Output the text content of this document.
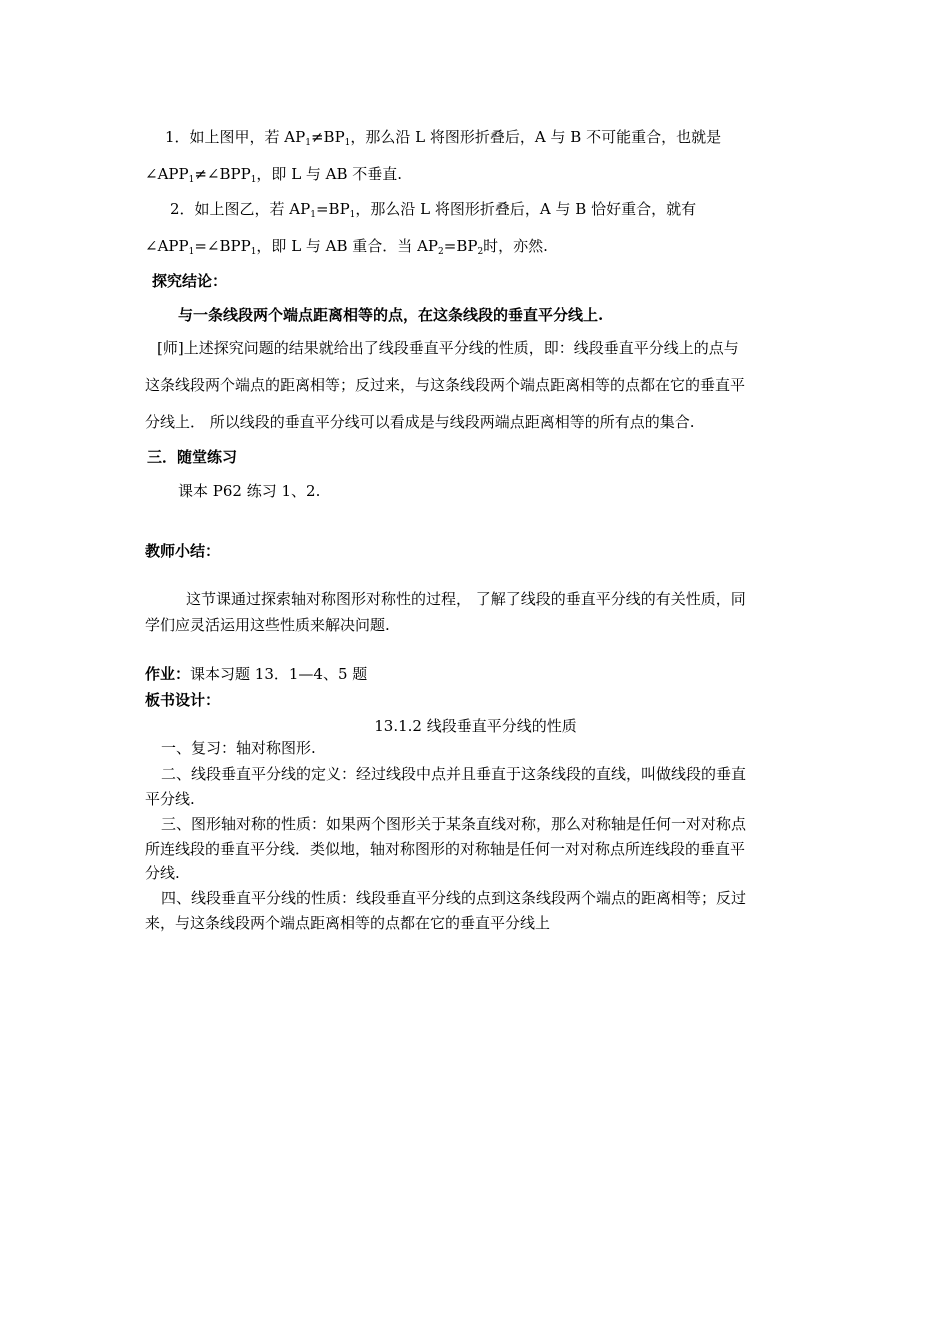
1．如上图甲，若 $AP_1\ne BP_1$，那么沿 L 将图形折叠后，A 与 B 不可能重合，也就是
$\angle APP_1\ne\angle BPP_1$，即 L 与 AB 不垂直.
2．如上图乙，若 $AP_1=BP_1$，那么沿 L 将图形折叠后，A 与 B 恰好重合，就有
$\angle APP_1=\angle BPP_1$，即 L 与 AB 重合．当 $AP_2=BP_2$时，亦然.
探究结论：
与一条线段两个端点距离相等的点，在这条线段的垂直平分线上.
[师]上述探究问题的结果就给出了线段垂直平分线的性质，即：线段垂直平分线上的点与
这条线段两个端点的距离相等；反过来，与这条线段两个端点距离相等的点都在它的垂直平
分线上． 所以线段的垂直平分线可以看成是与线段两端点距离相等的所有点的集合.
三．随堂练习
课本 P62 练习 1、2.
教师小结：
这节课通过探索轴对称图形对称性的过程， 了解了线段的垂直平分线的有关性质，同
学们应灵活运用这些性质来解决问题.
作业：课本习题 13．1—4、5 题
板书设计：
13.1.2 线段垂直平分线的性质
一、复习：轴对称图形.
二、线段垂直平分线的定义：经过线段中点并且垂直于这条线段的直线，叫做线段的垂直
平分线.
三、图形轴对称的性质：如果两个图形关于某条直线对称，那么对称轴是任何一对对称点
所连线段的垂直平分线．类似地，轴对称图形的对称轴是任何一对对称点所连线段的垂直平
分线.
四、线段垂直平分线的性质：线段垂直平分线的点到这条线段两个端点的距离相等；反过
来，与这条线段两个端点距离相等的点都在它的垂直平分线上
